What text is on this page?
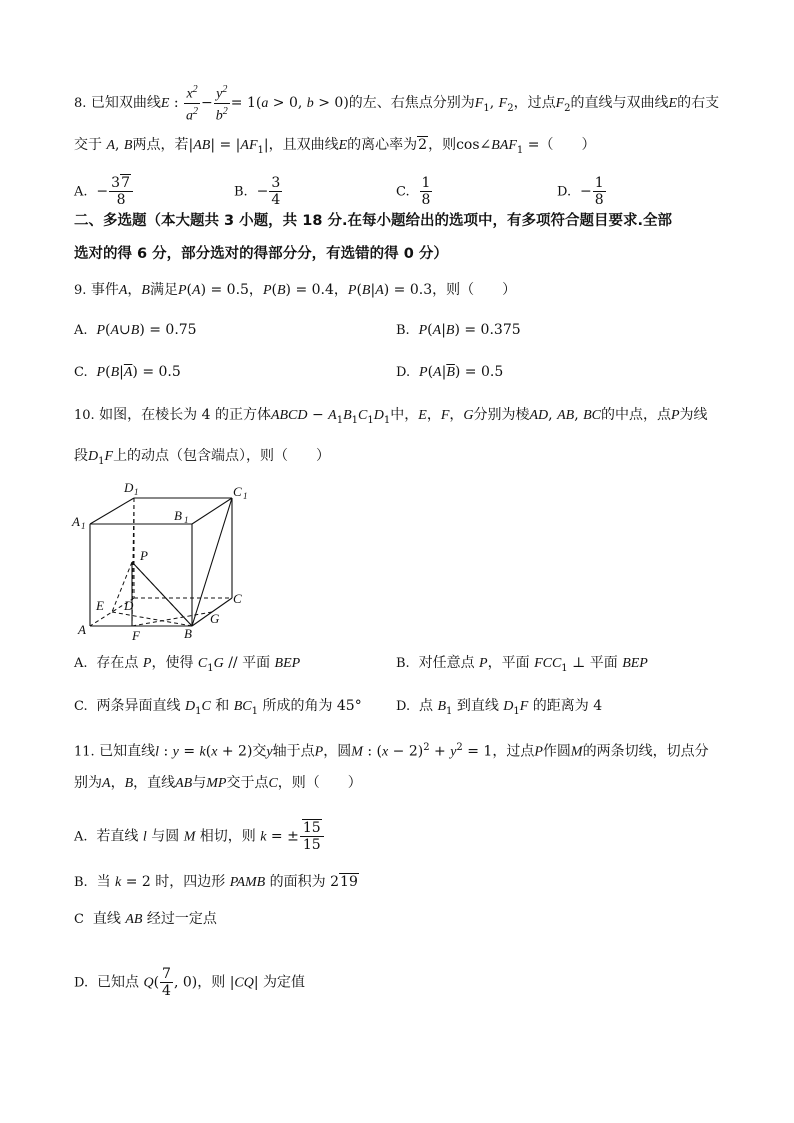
8. 已知双曲线E : $\frac{x^2}{a^2} - \frac{y^2}{b^2} = 1(a > 0$, b > 0)的左、右焦点分别为$F_1$, $F_2$，过点$F_2$的直线与双曲线E的右支
交于 A, B两点，若$|AB| = |AF_1|$，且双曲线E的离心率为2，则$\cos\angle BAF_1$ =（　　）
A.  − $\frac{37}{8}$	B.  − $\frac{3}{4}$	C. $\frac{1}{8}$	D.  − $\frac{1}{8}$
二、多选题（本大题共 3 小题，共 18 分.在每小题给出的选项中，有多项符合题目要求.全部
选对的得 6 分，部分选对的得部分分，有选错的得 0 分）
9. 事件A，B满足P(A) = 0.5，P(B) = 0.4，P(B|A) = 0.3，则（　　）
A. P(A∪B) = 0.75	B. P(A|B) = 0.375
C. $P(B|\overline{A}) = 0.5$	D. $P(A|\overline{B}) = 0.5$
10. 如图，在棱长为 4 的正方体ABCD − $A_1B_1C_1D_1$中，E，F，G分别为棱AD, AB, BC的中点，点P为线
段$D_1F$上的动点（包含端点），则（　　）
D 1	C 1
A 1
B 1
P
E D	C
A	F	B
G
A.  存在点 P，使得 $C_1G$ // 平面 BEP	B.  对任意点 P，平面 $FCC_1$ ⊥ 平面 BEP
C.  两条异面直线 $D_1C$ 和 $BC_1$ 所成的角为 45°	D.  点 $B_1$ 到直线 $D_1F$ 的距离为 4
11. 已知直线l : y = k(x + 2)交y轴于点P，圆M : $(x - 2)^2 + y^2 = 1$，过点P作圆M的两条切线，切点分
别为A，B，直线AB与MP交于点C，则（　　）
A.  若直线 l 与圆 M 相切，则 k = ± $\frac{15}{15}$
B.  当 k = 2 时，四边形 PAMB 的面积为 219
C  直线 AB 经过一定点
D.  已知点 $Q( \frac{7}{4}$ , 0)，则 |CQ| 为定值
